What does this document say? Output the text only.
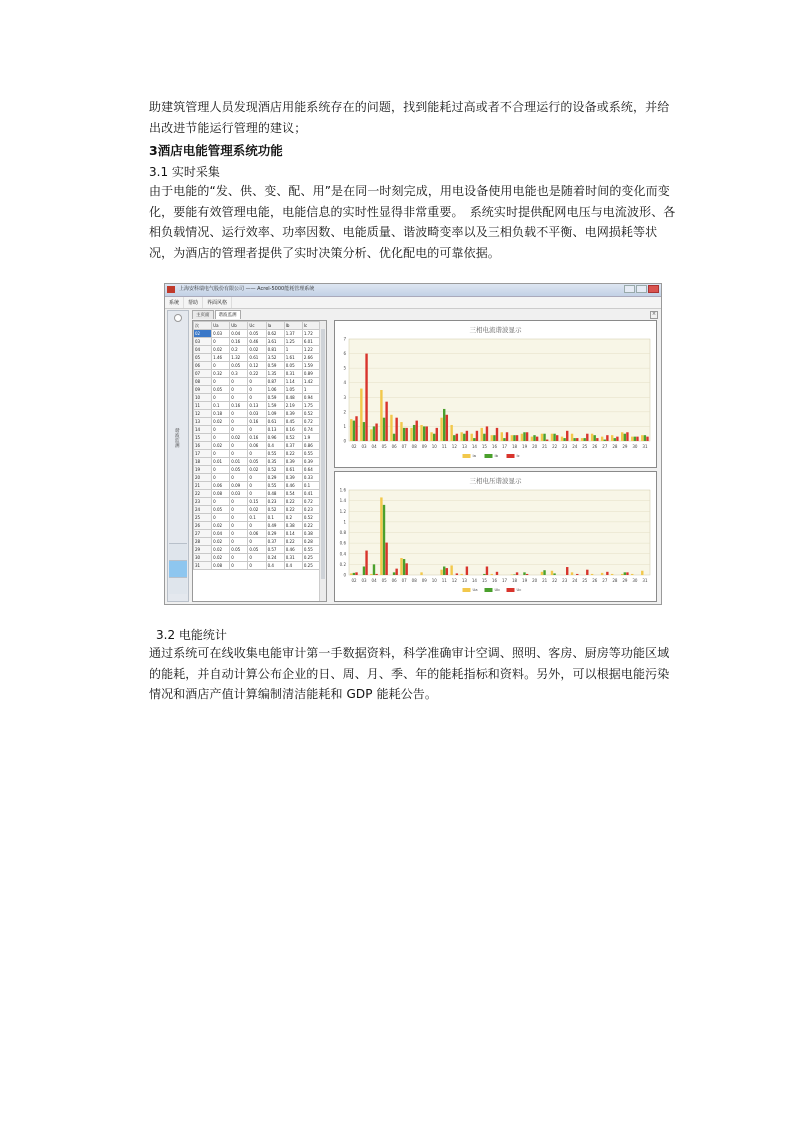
助建筑管理人员发现酒店用能系统存在的问题，找到能耗过高或者不合理运行的设备或系统，并给出改进节能运行管理的建议；
3酒店电能管理系统功能
3.1 实时采集
由于电能的“发、供、变、配、用”是在同一时刻完成，用电设备使用电能也是随着时间的变化而变化，要能有效管理电能，电能信息的实时性显得非常重要。　系统实时提供配网电压与电流波形、各相负载情况、运行效率、功率因数、电能质量、谐波畸变率以及三相负载不平衡、电网损耗等状况，为酒店的管理者提供了实时决策分析、优化配电的可靠依据。
上海安科瑞电气股份有限公司 —— Acrel-5000能耗管理系统
系统	帮助	界面风格
谐波监测
主页面	谐波监测	×
次	Ua	Ub	Uc	Ia	Ib	Ic
02	0.03	0.04	0.05	0.62	1.37	1.72
03	0	0.16	0.46	3.61	1.25	6.01
04	0.02	0.2	0.02	0.81	1	1.22
05	1.46	1.32	0.61	3.52	1.61	2.66
06	0	0.05	0.12	0.59	0.05	1.59
07	0.32	0.3	0.22	1.35	0.31	0.89
08	0	0	0	0.87	1.14	1.42
09	0.05	0	0	1.06	1.05	1
10	0	0	0	0.59	0.48	0.94
11	0.1	0.16	0.13	1.59	2.19	1.75
12	0.18	0	0.03	1.09	0.39	0.52
13	0.02	0	0.16	0.61	0.45	0.72
14	0	0	0	0.13	0.16	0.74
15	0	0.02	0.16	0.96	0.52	1.9
16	0.02	0	0.06	0.4	0.37	0.86
17	0	0	0	0.55	0.22	0.55
18	0.01	0.01	0.05	0.35	0.39	0.39
19	0	0.05	0.02	0.52	0.61	0.64
20	0	0	0	0.29	0.39	0.33
21	0.06	0.09	0	0.55	0.46	0.1
22	0.08	0.03	0	0.48	0.54	0.41
23	0	0	0.15	0.23	0.22	0.72
24	0.05	0	0.02	0.52	0.22	0.23
25	0	0	0.1	0.1	0.2	0.52
26	0.02	0	0	0.49	0.38	0.22
27	0.04	0	0.06	0.29	0.14	0.38
28	0.02	0	0	0.37	0.22	0.28
29	0.02	0.05	0.05	0.57	0.46	0.55
30	0.02	0	0	0.24	0.31	0.25
31	0.08	0	0	0.4	0.4	0.25
三相电流谐波显示
0
1
2
3
4
5
6
7
02 03 04 05 06 07 08 09 10 11 12 13 14 15 16 17 18 19 20 21 22 23 24 25 26 27 28 29 30 31
Ia	Ib	Ic
三相电压谐波显示
0
0.2
0.4
0.6
0.8
1
1.2
1.4
1.6
02 03 04 05 06 07 08 09 10 11 12 13 14 15 16 17 18 19 20 21 22 23 24 25 26 27 28 29 30 31
Ua	Ub	Uc
3.2 电能统计
通过系统可在线收集电能审计第一手数据资料，科学准确审计空调、照明、客房、厨房等功能区域的能耗，并自动计算公布企业的日、周、月、季、年的能耗指标和资料。另外，可以根据电能污染情况和酒店产值计算编制清洁能耗和 GDP 能耗公告。
